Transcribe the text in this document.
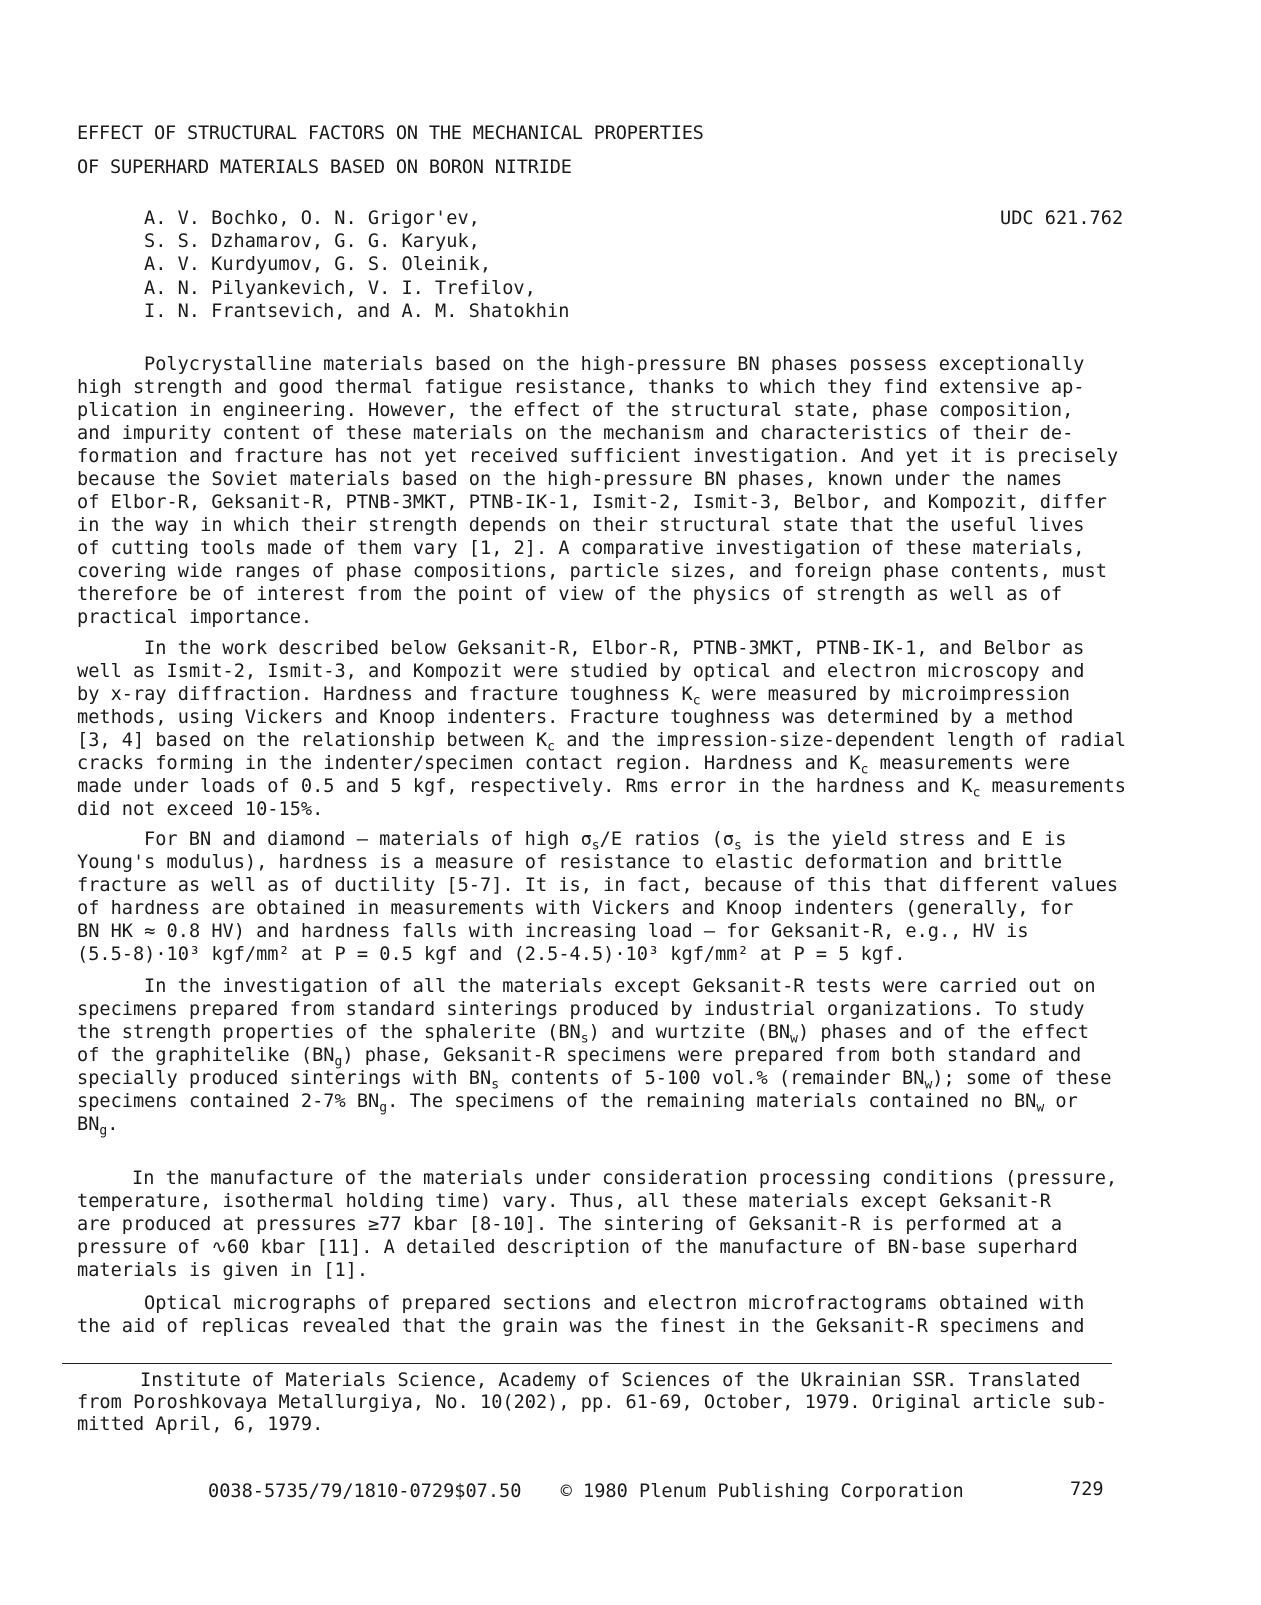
EFFECT OF STRUCTURAL FACTORS ON THE MECHANICAL PROPERTIES
OF SUPERHARD MATERIALS BASED ON BORON NITRIDE
A. V. Bochko, O. N. Grigor'ev,
S. S. Dzhamarov, G. G. Karyuk,
A. V. Kurdyumov, G. S. Oleinik,
A. N. Pilyankevich, V. I. Trefilov,
I. N. Frantsevich, and A. M. Shatokhin
UDC 621.762
Polycrystalline materials based on the high-pressure BN phases possess exceptionally
high strength and good thermal fatigue resistance, thanks to which they find extensive ap-
plication in engineering. However, the effect of the structural state, phase composition,
and impurity content of these materials on the mechanism and characteristics of their de-
formation and fracture has not yet received sufficient investigation. And yet it is precisely
because the Soviet materials based on the high-pressure BN phases, known under the names
of Elbor-R, Geksanit-R, PTNB-3MKT, PTNB-IK-1, Ismit-2, Ismit-3, Belbor, and Kompozit, differ
in the way in which their strength depends on their structural state that the useful lives
of cutting tools made of them vary [1, 2]. A comparative investigation of these materials,
covering wide ranges of phase compositions, particle sizes, and foreign phase contents, must
therefore be of interest from the point of view of the physics of strength as well as of
practical importance.
In the work described below Geksanit-R, Elbor-R, PTNB-3MKT, PTNB-IK-1, and Belbor as
well as Ismit-2, Ismit-3, and Kompozit were studied by optical and electron microscopy and
by x-ray diffraction. Hardness and fracture toughness $K_c$ were measured by microimpression
methods, using Vickers and Knoop indenters. Fracture toughness was determined by a method
[3, 4] based on the relationship between $K_c$ and the impression-size-dependent length of radial
cracks forming in the indenter/specimen contact region. Hardness and $K_c$ measurements were
made under loads of 0.5 and 5 kgf, respectively. Rms error in the hardness and $K_c$ measurements
did not exceed 10-15%.
For BN and diamond — materials of high $\sigma_s/E$ ratios ($\sigma_s$ is the yield stress and E is
Young's modulus), hardness is a measure of resistance to elastic deformation and brittle
fracture as well as of ductility [5-7]. It is, in fact, because of this that different values
of hardness are obtained in measurements with Vickers and Knoop indenters (generally, for
BN HK ≈ 0.8 HV) and hardness falls with increasing load — for Geksanit-R, e.g., HV is
(5.5-8)·10³ kgf/mm² at P = 0.5 kgf and (2.5-4.5)·10³ kgf/mm² at P = 5 kgf.
In the investigation of all the materials except Geksanit-R tests were carried out on
specimens prepared from standard sinterings produced by industrial organizations. To study
the strength properties of the sphalerite $(BN_s)$ and wurtzite $(BN_w)$ phases and of the effect
of the graphitelike $(BN_g)$ phase, Geksanit-R specimens were prepared from both standard and
specially produced sinterings with $BN_s$ contents of 5-100 vol.% (remainder $BN_w$); some of these
specimens contained 2-7% $BN_g$. The specimens of the remaining materials contained no $BN_w$ or
$BN_g$.
In the manufacture of the materials under consideration processing conditions (pressure,
temperature, isothermal holding time) vary. Thus, all these materials except Geksanit-R
are produced at pressures ≥77 kbar [8-10]. The sintering of Geksanit-R is performed at a
pressure of ∿60 kbar [11]. A detailed description of the manufacture of BN-base superhard
materials is given in [1].
Optical micrographs of prepared sections and electron microfractograms obtained with
the aid of replicas revealed that the grain was the finest in the Geksanit-R specimens and
Institute of Materials Science, Academy of Sciences of the Ukrainian SSR. Translated
from Poroshkovaya Metallurgiya, No. 10(202), pp. 61-69, October, 1979. Original article sub-
mitted April, 6, 1979.
0038-5735/79/1810-0729$07.50 © 1980 Plenum Publishing Corporation	729
